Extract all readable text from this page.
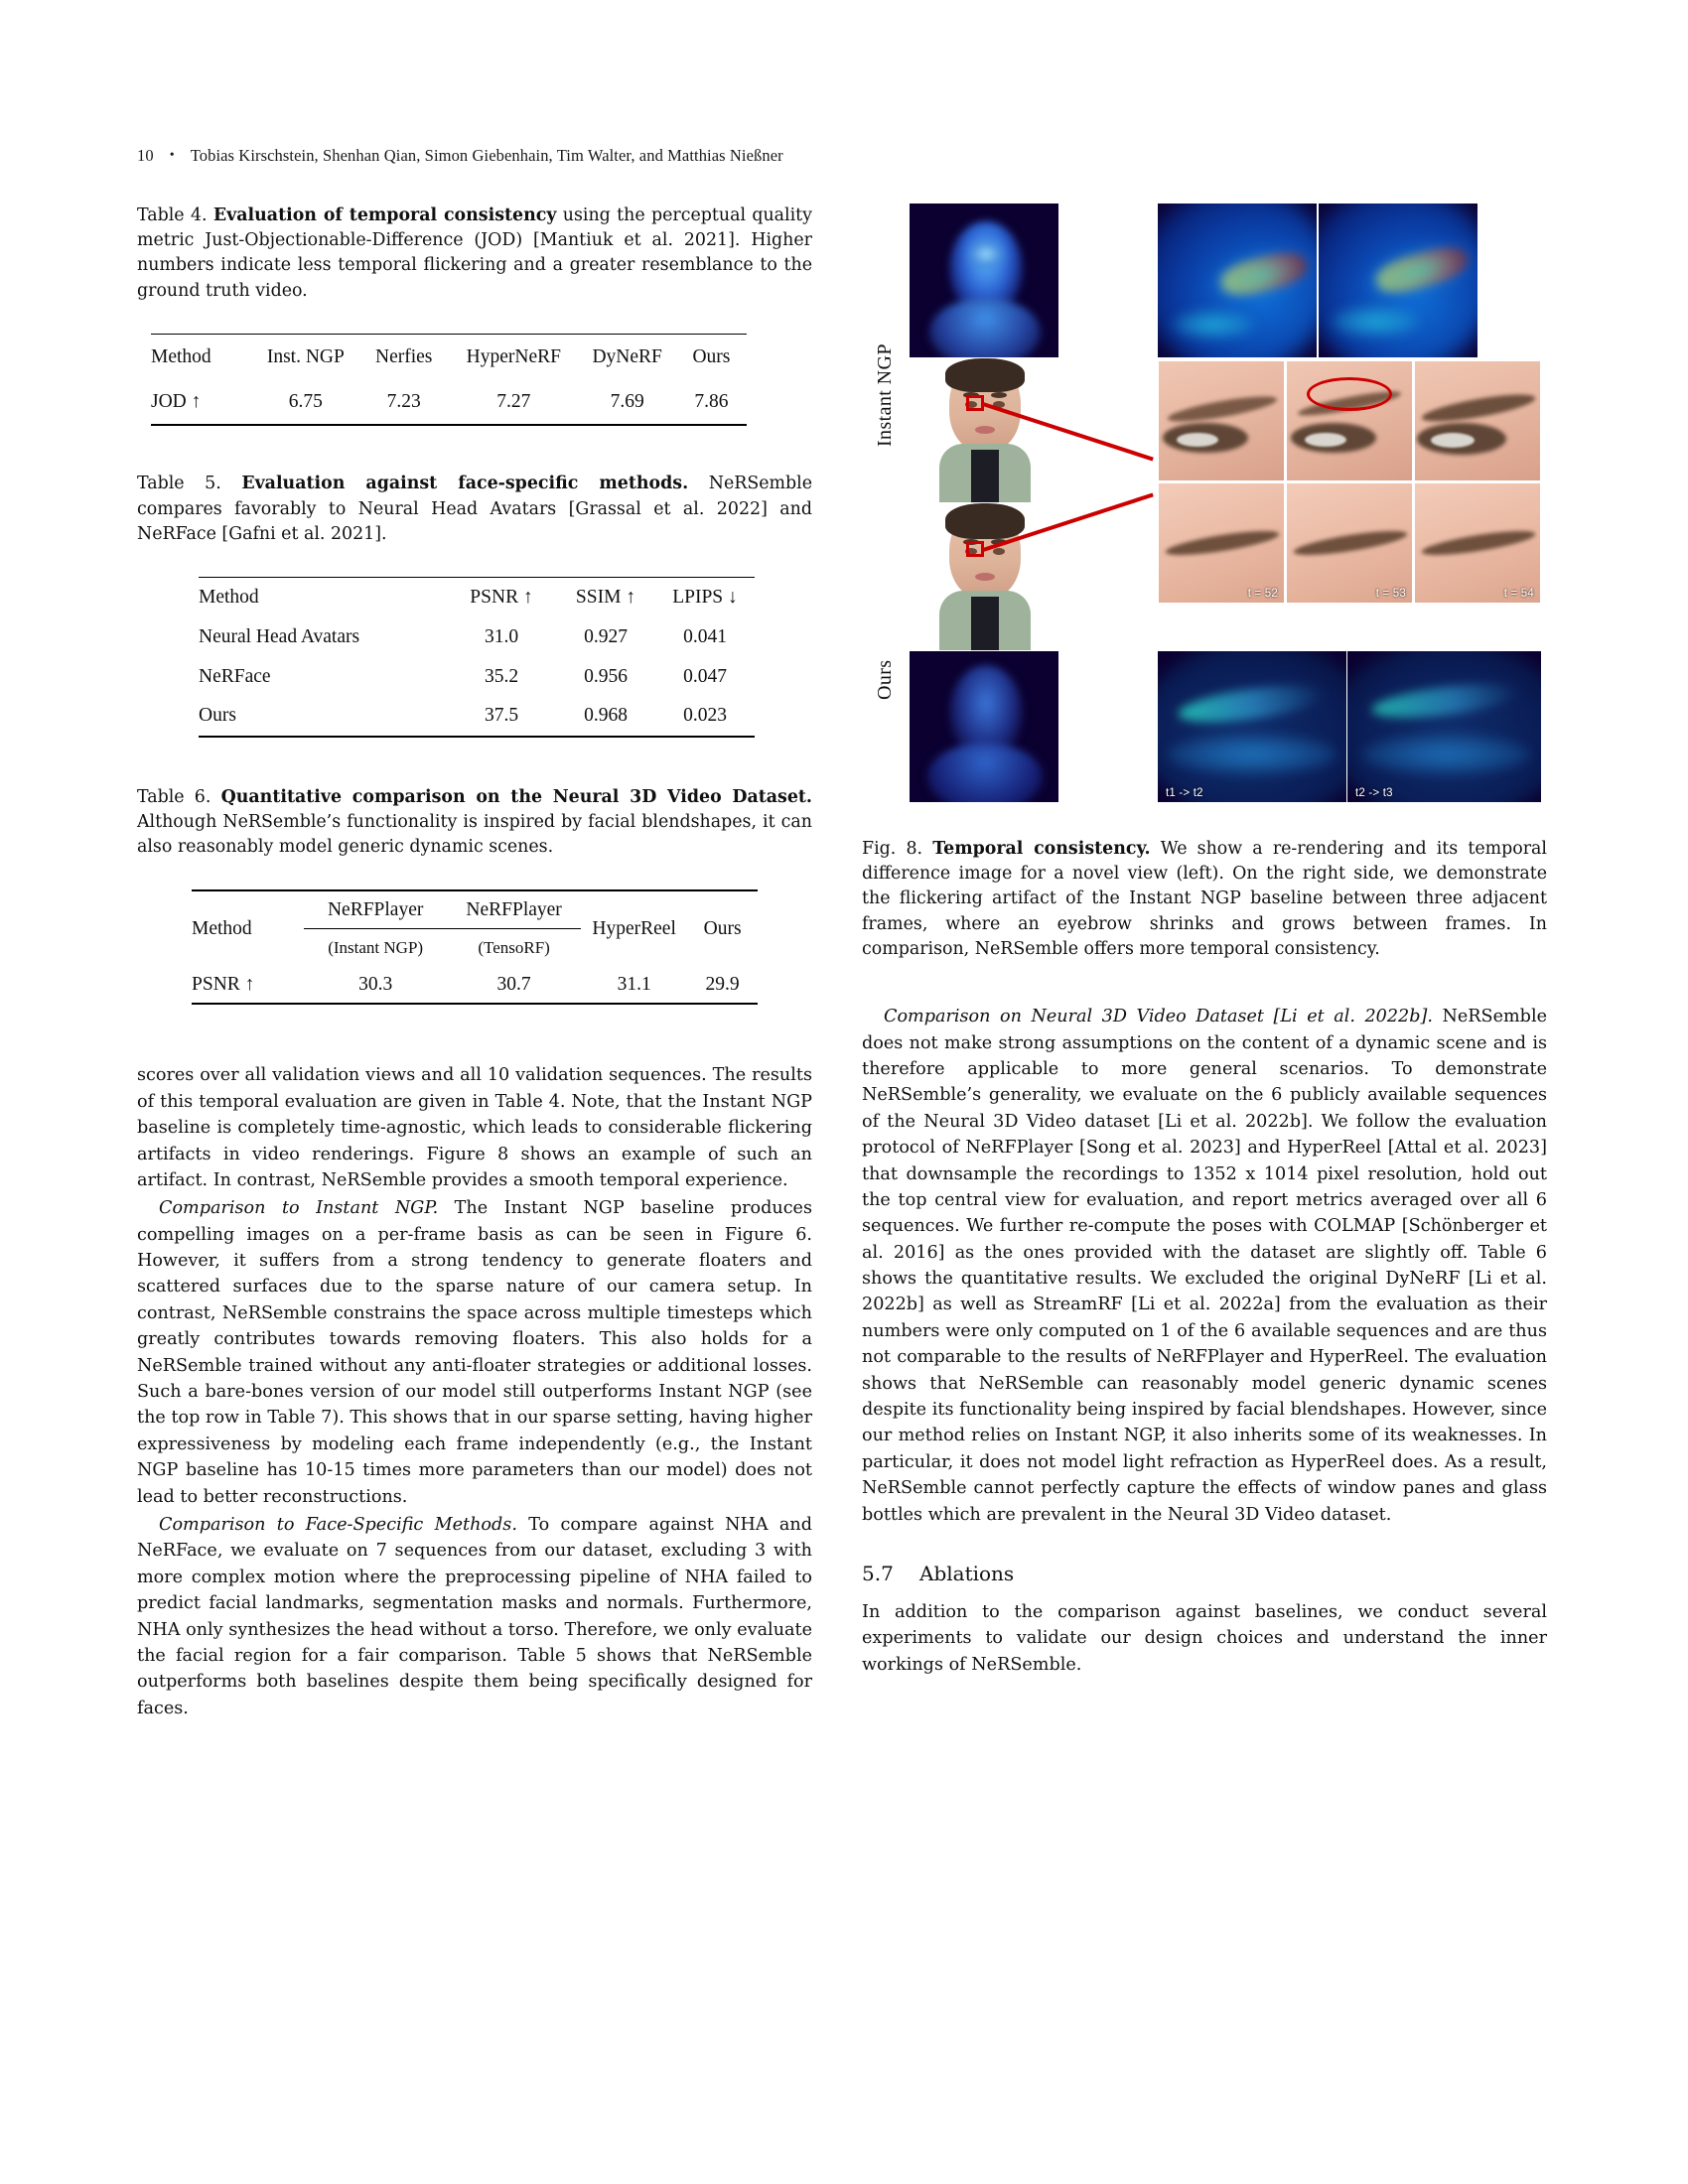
10 • Tobias Kirschstein, Shenhan Qian, Simon Giebenhain, Tim Walter, and Matthias Nießner
Table 4. Evaluation of temporal consistency using the perceptual quality metric Just-Objectionable-Difference (JOD) [Mantiuk et al. 2021]. Higher numbers indicate less temporal flickering and a greater resemblance to the ground truth video.
Method	Inst. NGP	Nerfies	HyperNeRF	DyNeRF	Ours
JOD ↑	6.75	7.23	7.27	7.69	7.86
Table 5. Evaluation against face-specific methods. NeRSemble compares favorably to Neural Head Avatars [Grassal et al. 2022] and NeRFace [Gafni et al. 2021].
Method	PSNR ↑	SSIM ↑	LPIPS ↓
Neural Head Avatars	31.0	0.927	0.041
NeRFace	35.2	0.956	0.047
Ours	37.5	0.968	0.023
Table 6. Quantitative comparison on the Neural 3D Video Dataset. Although NeRSemble’s functionality is inspired by facial blendshapes, it can also reasonably model generic dynamic scenes.
Method	NeRFPlayer	NeRFPlayer	HyperReel	Ours
	(Instant NGP)	(TensoRF)		
PSNR ↑	30.3	30.7	31.1	29.9

scores over all validation views and all 10 validation sequences. The results of this temporal evaluation are given in Table 4. Note, that the Instant NGP baseline is completely time-agnostic, which leads to considerable flickering artifacts in video renderings. Figure 8 shows an example of such an artifact. In contrast, NeRSemble provides a smooth temporal experience.

Comparison to Instant NGP. The Instant NGP baseline produces compelling images on a per-frame basis as can be seen in Figure 6. However, it suffers from a strong tendency to generate floaters and scattered surfaces due to the sparse nature of our camera setup. In contrast, NeRSemble constrains the space across multiple timesteps which greatly contributes towards removing floaters. This also holds for a NeRSemble trained without any anti-floater strategies or additional losses. Such a bare-bones version of our model still outperforms Instant NGP (see the top row in Table 7). This shows that in our sparse setting, having higher expressiveness by modeling each frame independently (e.g., the Instant NGP baseline has 10-15 times more parameters than our model) does not lead to better reconstructions.

Comparison to Face-Specific Methods. To compare against NHA and NeRFace, we evaluate on 7 sequences from our dataset, excluding 3 with more complex motion where the preprocessing pipeline of NHA failed to predict facial landmarks, segmentation masks and normals. Furthermore, NHA only synthesizes the head without a torso. Therefore, we only evaluate the facial region for a fair comparison. Table 5 shows that NeRSemble outperforms both baselines despite them being specifically designed for faces.

Instant NGP
Ours
t = 52	t = 53	t = 54
t1 -> t2	t2 -> t3
Fig. 8. Temporal consistency. We show a re-rendering and its temporal difference image for a novel view (left). On the right side, we demonstrate the flickering artifact of the Instant NGP baseline between three adjacent frames, where an eyebrow shrinks and grows between frames. In comparison, NeRSemble offers more temporal consistency.

Comparison on Neural 3D Video Dataset [Li et al. 2022b]. NeRSemble does not make strong assumptions on the content of a dynamic scene and is therefore applicable to more general scenarios. To demonstrate NeRSemble’s generality, we evaluate on the 6 publicly available sequences of the Neural 3D Video dataset [Li et al. 2022b]. We follow the evaluation protocol of NeRFPlayer [Song et al. 2023] and HyperReel [Attal et al. 2023] that downsample the recordings to 1352 x 1014 pixel resolution, hold out the top central view for evaluation, and report metrics averaged over all 6 sequences. We further re-compute the poses with COLMAP [Schönberger et al. 2016] as the ones provided with the dataset are slightly off. Table 6 shows the quantitative results. We excluded the original DyNeRF [Li et al. 2022b] as well as StreamRF [Li et al. 2022a] from the evaluation as their numbers were only computed on 1 of the 6 available sequences and are thus not comparable to the results of NeRFPlayer and HyperReel. The evaluation shows that NeRSemble can reasonably model generic dynamic scenes despite its functionality being inspired by facial blendshapes. However, since our method relies on Instant NGP, it also inherits some of its weaknesses. In particular, it does not model light refraction as HyperReel does. As a result, NeRSemble cannot perfectly capture the effects of window panes and glass bottles which are prevalent in the Neural 3D Video dataset.

5.7 Ablations

In addition to the comparison against baselines, we conduct several experiments to validate our design choices and understand the inner workings of NeRSemble.
